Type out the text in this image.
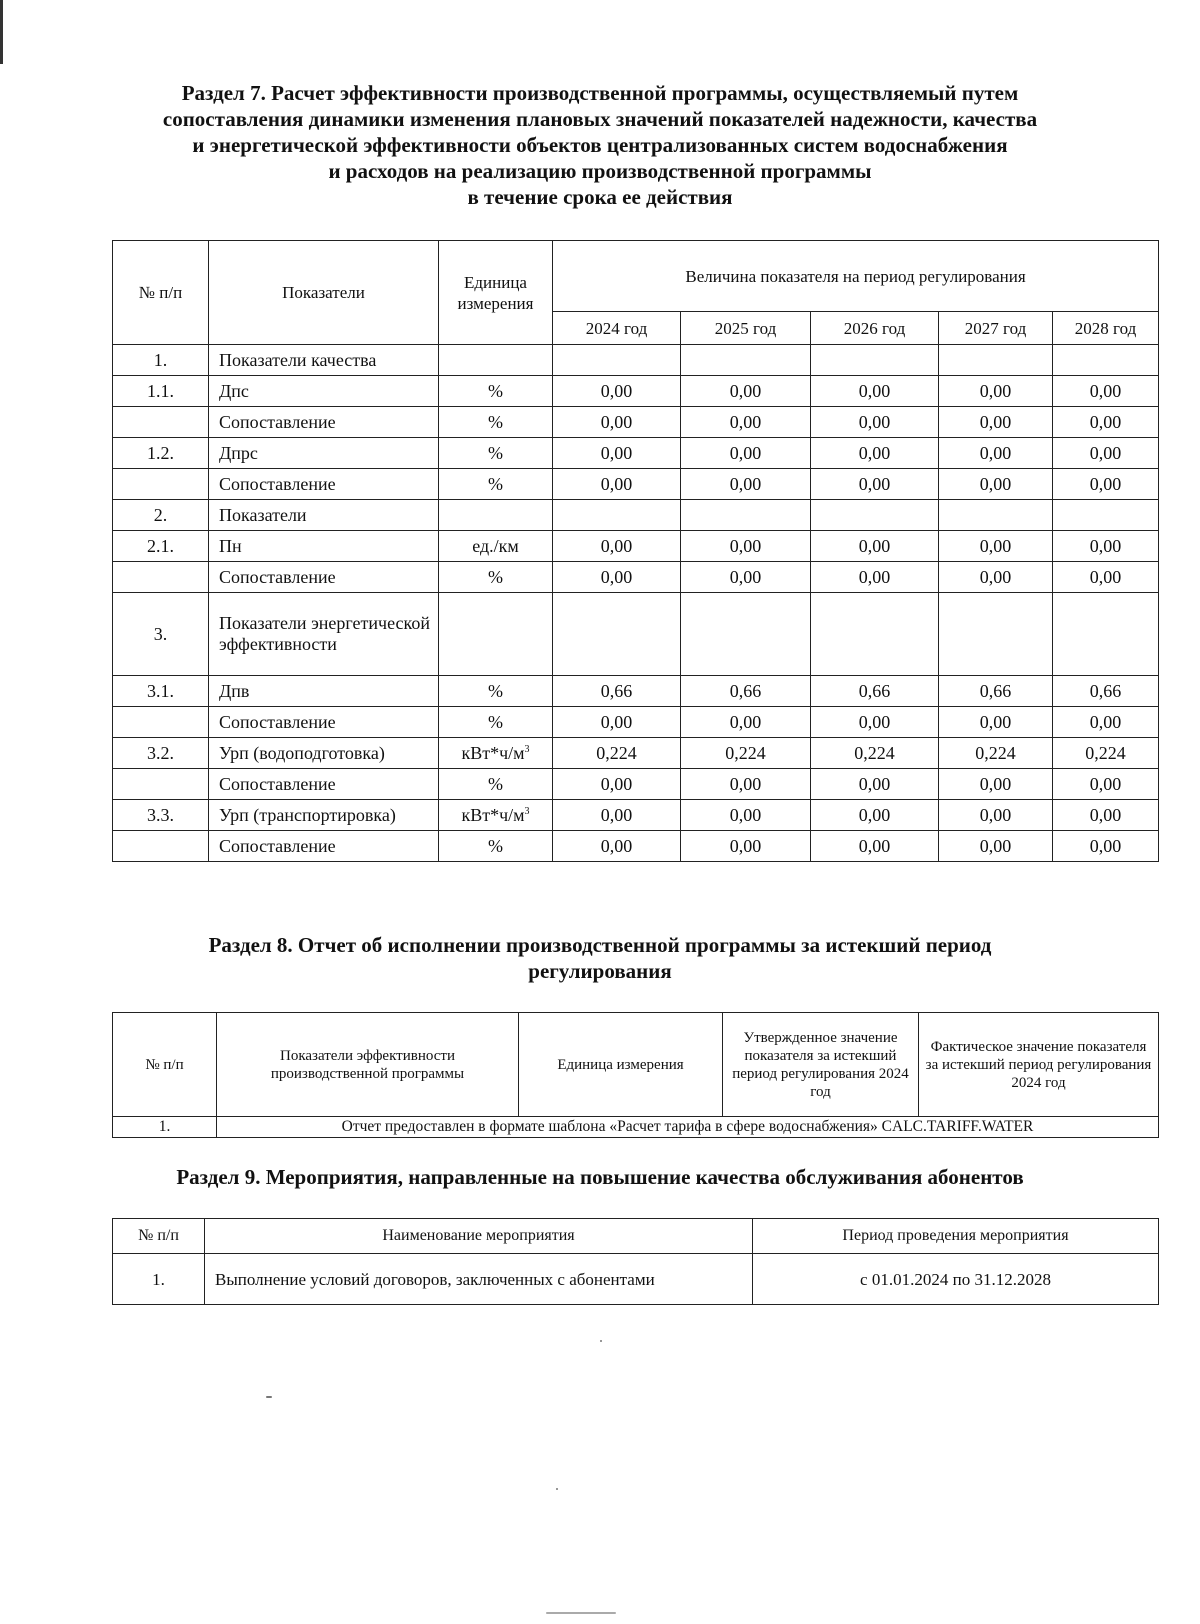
Раздел 7. Расчет эффективности производственной программы, осуществляемый путем
сопоставления динамики изменения плановых значений показателей надежности, качества
и энергетической эффективности объектов централизованных систем водоснабжения
и расходов на реализацию производственной программы
в течение срока ее действия
№ п/п	Показатели	Единица измерения	Величина показателя на период регулирования				
			2024 год	2025 год	2026 год	2027 год	2028 год
1.	Показатели качества						
1.1.	Дпс	%	0,00	0,00	0,00	0,00	0,00
	Сопоставление	%	0,00	0,00	0,00	0,00	0,00
1.2.	Дпрс	%	0,00	0,00	0,00	0,00	0,00
	Сопоставление	%	0,00	0,00	0,00	0,00	0,00
2.	Показатели						
2.1.	Пн	ед./км	0,00	0,00	0,00	0,00	0,00
	Сопоставление	%	0,00	0,00	0,00	0,00	0,00
3.	Показатели энергетической эффективности						
3.1.	Дпв	%	0,66	0,66	0,66	0,66	0,66
	Сопоставление	%	0,00	0,00	0,00	0,00	0,00
3.2.	Урп (водоподготовка)	$кВт*ч/м^3$	0,224	0,224	0,224	0,224	0,224
	Сопоставление	%	0,00	0,00	0,00	0,00	0,00
3.3.	Урп (транспортировка)	$кВт*ч/м^3$	0,00	0,00	0,00	0,00	0,00
	Сопоставление	%	0,00	0,00	0,00	0,00	0,00
Раздел 8. Отчет об исполнении производственной программы за истекший период
регулирования
№ п/п	Показатели эффективности производственной программы	Единица измерения	Утвержденное значение показателя за истекший период регулирования 2024 год	Фактическое значение показателя за истекший период регулирования 2024 год
1.	Отчет предоставлен в формате шаблона «Расчет тарифа в сфере водоснабжения» CALC.TARIFF.WATER			
Раздел 9. Мероприятия, направленные на повышение качества обслуживания абонентов
№ п/п	Наименование мероприятия	Период проведения мероприятия
1.	Выполнение условий договоров, заключенных с абонентами	с 01.01.2024 по 31.12.2028
